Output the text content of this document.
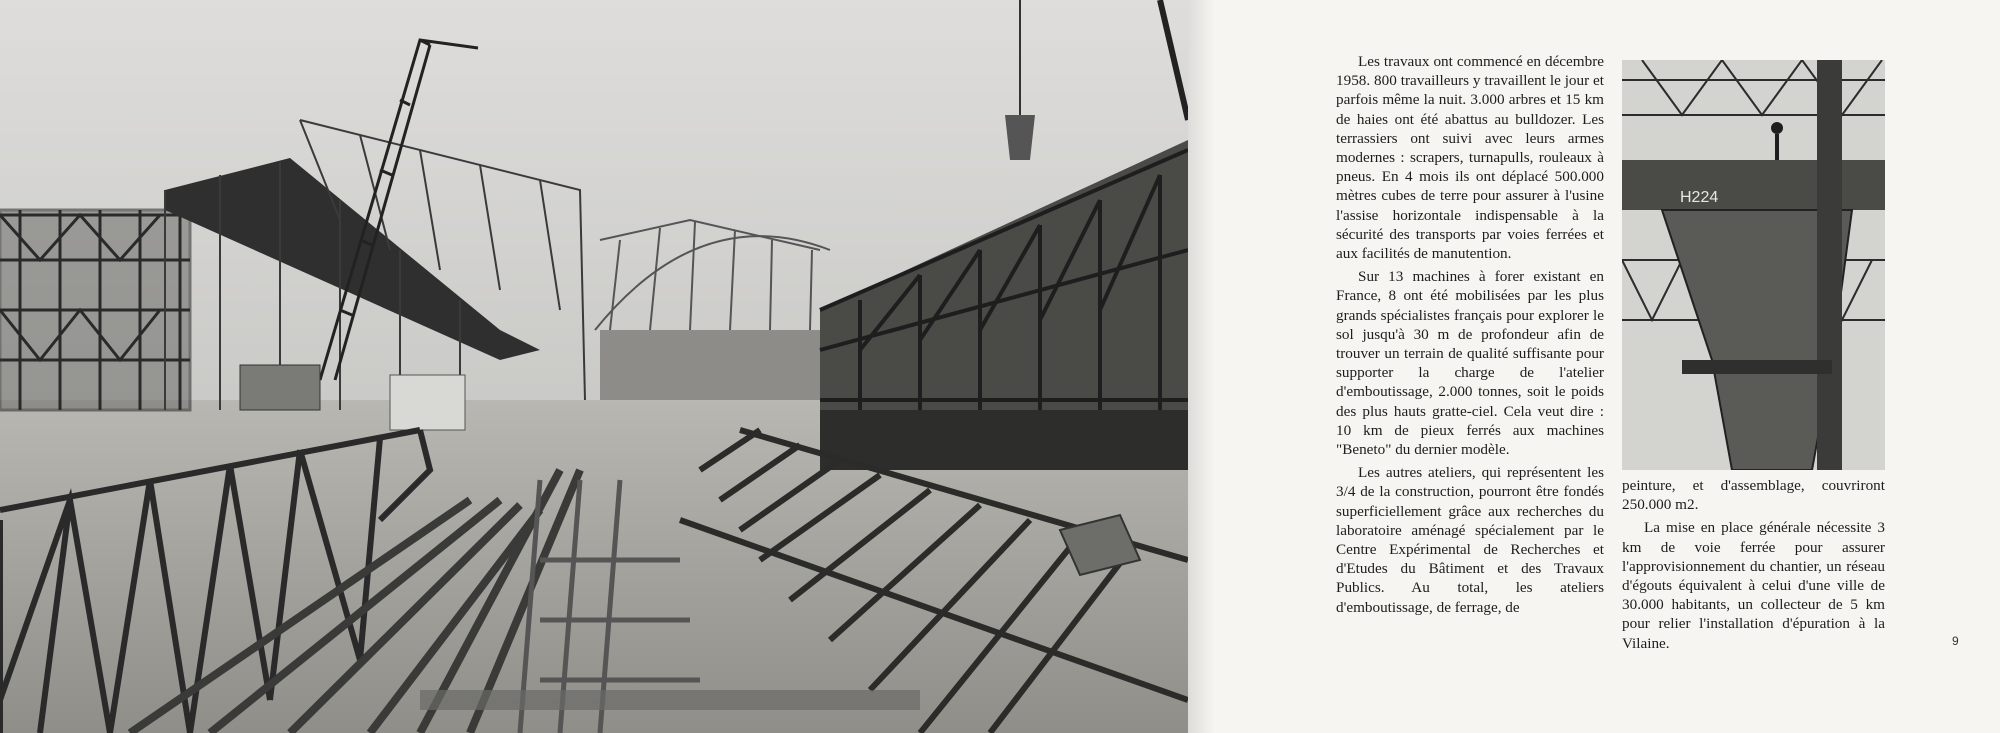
Les travaux ont commencé en décembre 1958. 800 travailleurs y travaillent le jour et parfois même la nuit. 3.000 arbres et 15 km de haies ont été abattus au bulldozer. Les terrassiers ont suivi avec leurs armes modernes : scrapers, turnapulls, rouleaux à pneus. En 4 mois ils ont déplacé 500.000 mètres cubes de terre pour assurer à l'usine l'assise horizontale indispensable à la sécurité des transports par voies ferrées et aux facilités de manutention.

Sur 13 machines à forer existant en France, 8 ont été mobilisées par les plus grands spécialistes français pour explorer le sol jusqu'à 30 m de profondeur afin de trouver un terrain de qualité suffisante pour supporter la charge de l'atelier d'emboutissage, 2.000 tonnes, soit le poids des plus hauts gratte-ciel. Cela veut dire : 10 km de pieux ferrés aux machines "Beneto" du dernier modèle.

Les autres ateliers, qui représentent les 3/4 de la construction, pourront être fondés superficiellement grâce aux recherches du laboratoire aménagé spécialement par le Centre Expérimental de Recherches et d'Etudes du Bâtiment et des Travaux Publics. Au total, les ateliers d'emboutissage, de ferrage, de

H224

peinture, et d'assemblage, couvriront 250.000 m2.

La mise en place générale nécessite 3 km de voie ferrée pour assurer l'approvisionnement du chantier, un réseau d'égouts équivalent à celui d'une ville de 30.000 habitants, un collecteur de 5 km pour relier l'installation d'épuration à la Vilaine.	9
